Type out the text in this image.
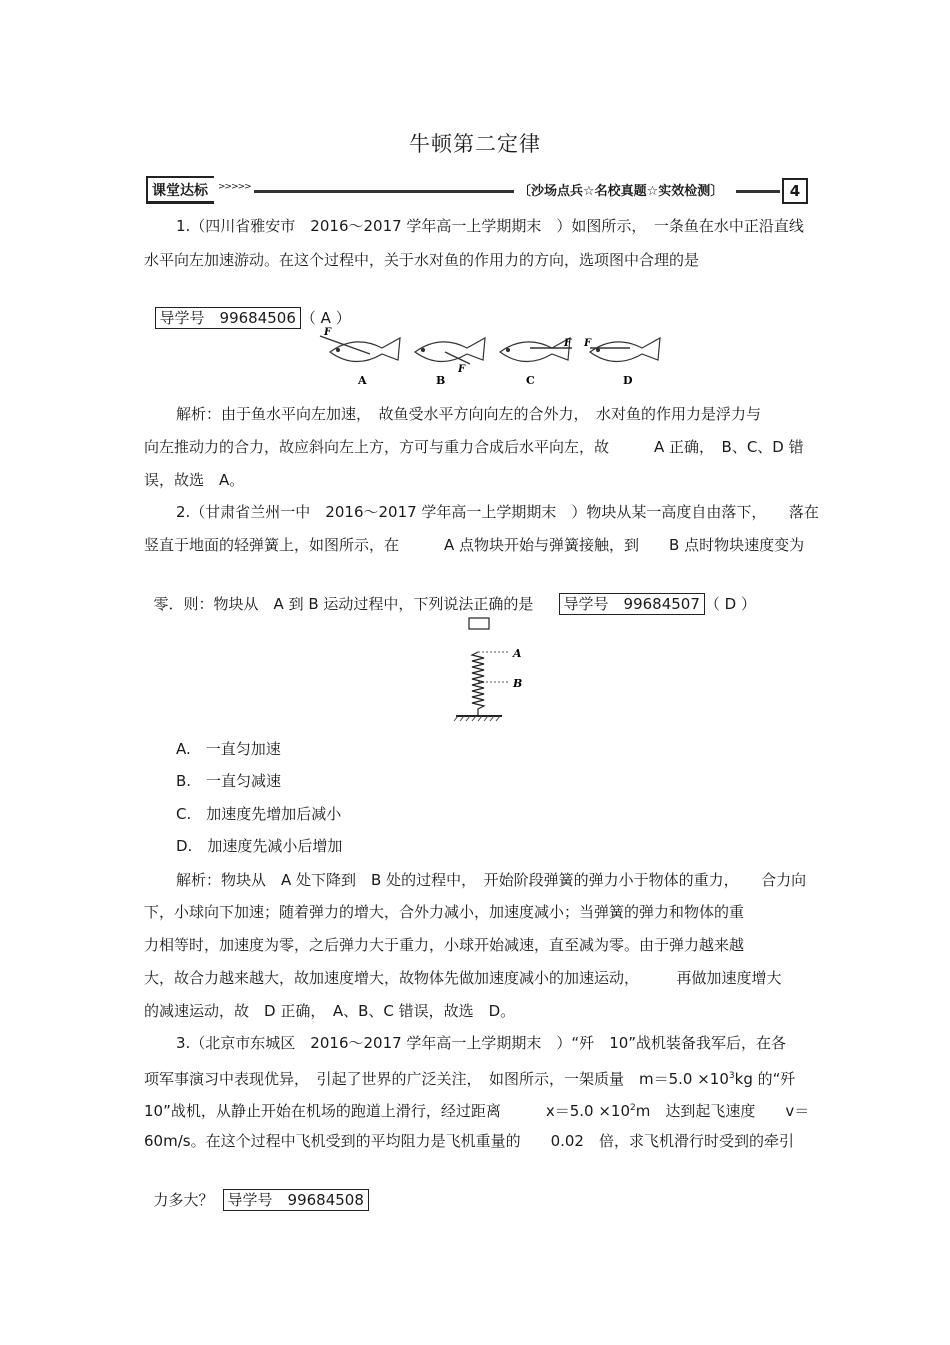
牛顿第二定律
课堂达标	>>>>>	〔沙场点兵☆名校真题☆实效检测〕	4
1.（四川省雅安市　2016～2017 学年高一上学期期末　）如图所示，　一条鱼在水中正沿直线
水平向左加速游动。在这个过程中，关于水对鱼的作用力的方向，选项图中合理的是

导学号　99684506 （ A ）

F
F
F F
A	B	C	D
解析：由于鱼水平向左加速，　故鱼受水平方向向左的合外力，　水对鱼的作用力是浮力与
向左推动力的合力，故应斜向左上方，方可与重力合成后水平向左，故　　　A 正确，　B、C、D 错
误，故选　A。
2.（甘肃省兰州一中　2016～2017 学年高一上学期期末　）物块从某一高度自由落下，　　落在
竖直于地面的轻弹簧上，如图所示，在　　　A 点物块开始与弹簧接触，到　　B 点时物块速度变为

零．则：物块从　A 到 B 运动过程中，下列说法正确的是	导学号　99684507 （ D ）

A
B
A.　一直匀加速
B.　一直匀减速
C.　加速度先增加后减小
D.　加速度先减小后增加
解析：物块从　A 处下降到　B 处的过程中，　开始阶段弹簧的弹力小于物体的重力，　　合力向
下，小球向下加速；随着弹力的增大，合外力减小，加速度减小；当弹簧的弹力和物体的重
力相等时，加速度为零，之后弹力大于重力，小球开始减速，直至减为零。由于弹力越来越
大，故合力越来越大，故加速度增大，故物体先做加速度减小的加速运动，　　　再做加速度增大
的减速运动，故　D 正确，　A、B、C 错误，故选　D。
3.（北京市东城区　2016～2017 学年高一上学期期末　）“歼　10”战机装备我军后，在各
项军事演习中表现优异，　引起了世界的广泛关注，　如图所示，一架质量　$m=5.0 \times 10^3kg$ 的“歼
10”战机，从静止开始在机场的跑道上滑行，经过距离　　　$x=5.0 \times 10^2m$　达到起飞速度　　v＝
60m/s。在这个过程中飞机受到的平均阻力是飞机重量的　　0.02　倍，求飞机滑行时受到的牵引

力多大？ 导学号　99684508
